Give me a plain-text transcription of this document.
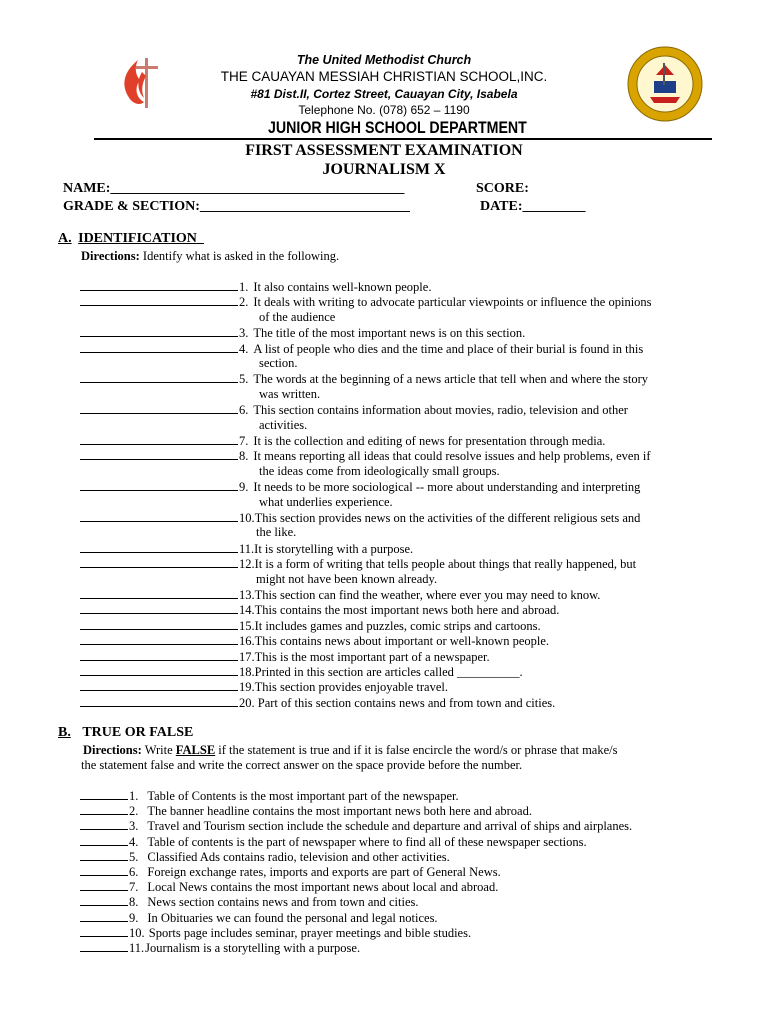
The United Methodist Church
THE CAUAYAN MESSIAH CHRISTIAN SCHOOL,INC.
#81 Dist.II, Cortez Street, Cauayan City, Isabela
Telephone No. (078) 652 – 1190
JUNIOR HIGH SCHOOL DEPARTMENT
FIRST ASSESSMENT EXAMINATION
JOURNALISM X
NAME:__________________________________________	SCORE:
GRADE & SECTION:______________________________	DATE:_________
A. IDENTIFICATION
Directions: Identify what is asked in the following.
1. It also contains well-known people.
2. It deals with writing to advocate particular viewpoints or influence the opinions
of the audience
3. The title of the most important news is on this section.
4. A list of people who dies and the time and place of their burial is found in this
section.
5. The words at the beginning of a news article that tell when and where the story
was written.
6. This section contains information about movies, radio, television and other
activities.
7. It is the collection and editing of news for presentation through media.
8. It means reporting all ideas that could resolve issues and help problems, even if
the ideas come from ideologically small groups.
9. It needs to be more sociological -- more about understanding and interpreting
what underlies experience.
10.This section provides news on the activities of the different religious sets and
the like.
11.It is storytelling with a purpose.
12.It is a form of writing that tells people about things that really happened, but
might not have been known already.
13.This section can find the weather, where ever you may need to know.
14.This contains the most important news both here and abroad.
15.It includes games and puzzles, comic strips and cartoons.
16.This contains news about important or well-known people.
17.This is the most important part of a newspaper.
18.Printed in this section are articles called __________.
19.This section provides enjoyable travel.
20. Part of this section contains news and from town and cities.
B. TRUE OR FALSE
Directions: Write FALSE if the statement is true and if it is false encircle the word/s or phrase that make/s
the statement false and write the correct answer on the space provide before the number.
1. Table of Contents is the most important part of the newspaper.
2. The banner headline contains the most important news both here and abroad.
3. Travel and Tourism section include the schedule and departure and arrival of ships and airplanes.
4. Table of contents is the part of newspaper where to find all of these newspaper sections.
5. Classified Ads contains radio, television and other activities.
6. Foreign exchange rates, imports and exports are part of General News.
7. Local News contains the most important news about local and abroad.
8. News section contains news and from town and cities.
9. In Obituaries we can found the personal and legal notices.
10. Sports page includes seminar, prayer meetings and bible studies.
11.Journalism is a storytelling with a purpose.
